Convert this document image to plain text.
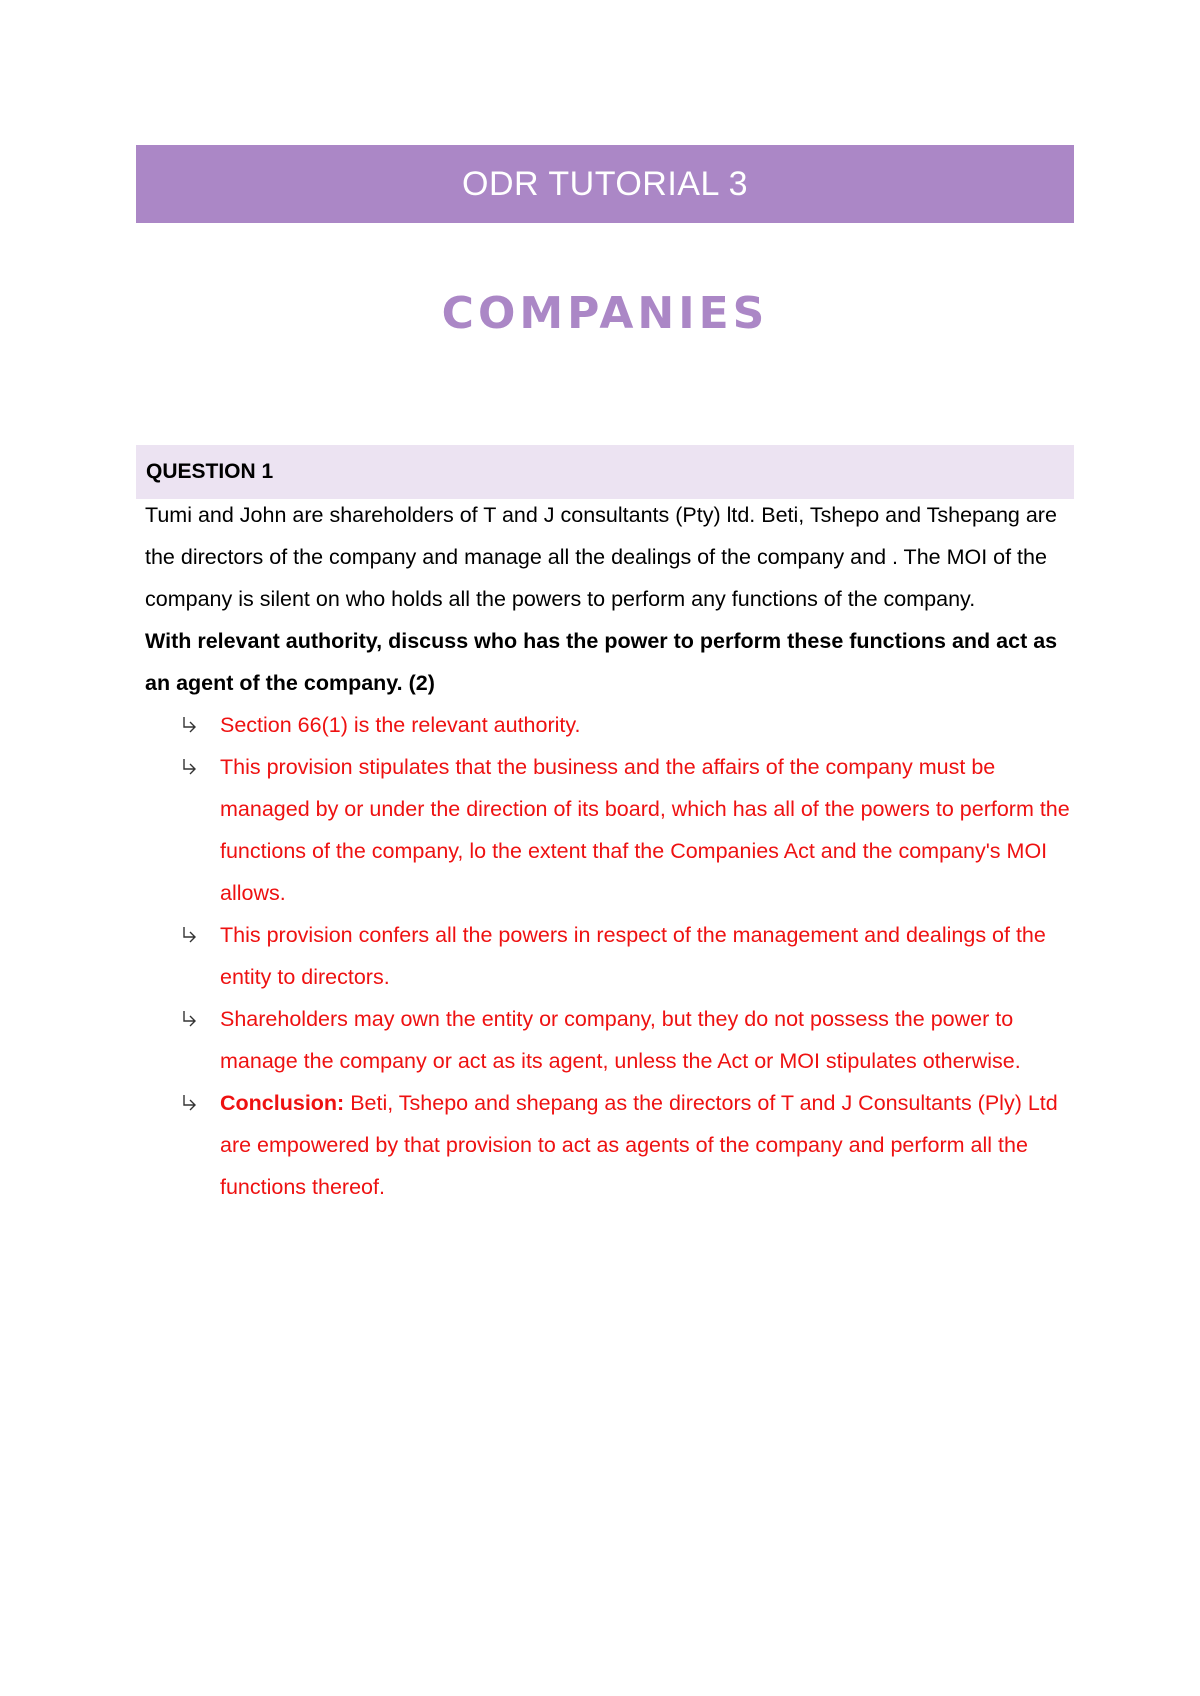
ODR TUTORIAL 3
COMPANIES
QUESTION 1

Tumi and John are shareholders of T and J consultants (Pty) ltd. Beti, Tshepo and Tshepang are the directors of the company and manage all the dealings of the company and . The MOI of the company is silent on who holds all the powers to perform any functions of the company.

With relevant authority, discuss who has the power to perform these functions and act as an agent of the company. (2)

Section 66(1) is the relevant authority.
This provision stipulates that the business and the affairs of the company must be managed by or under the direction of its board, which has all of the powers to perform the functions of the company, lo the extent thaf the Companies Act and the company's MOI allows.
This provision confers all the powers in respect of the management and dealings of the entity to directors.
Shareholders may own the entity or company, but they do not possess the power to manage the company or act as its agent, unless the Act or MOI stipulates otherwise.
Conclusion: Beti, Tshepo and shepang as the directors of T and J Consultants (Ply) Ltd are empowered by that provision to act as agents of the company and perform all the functions thereof.
